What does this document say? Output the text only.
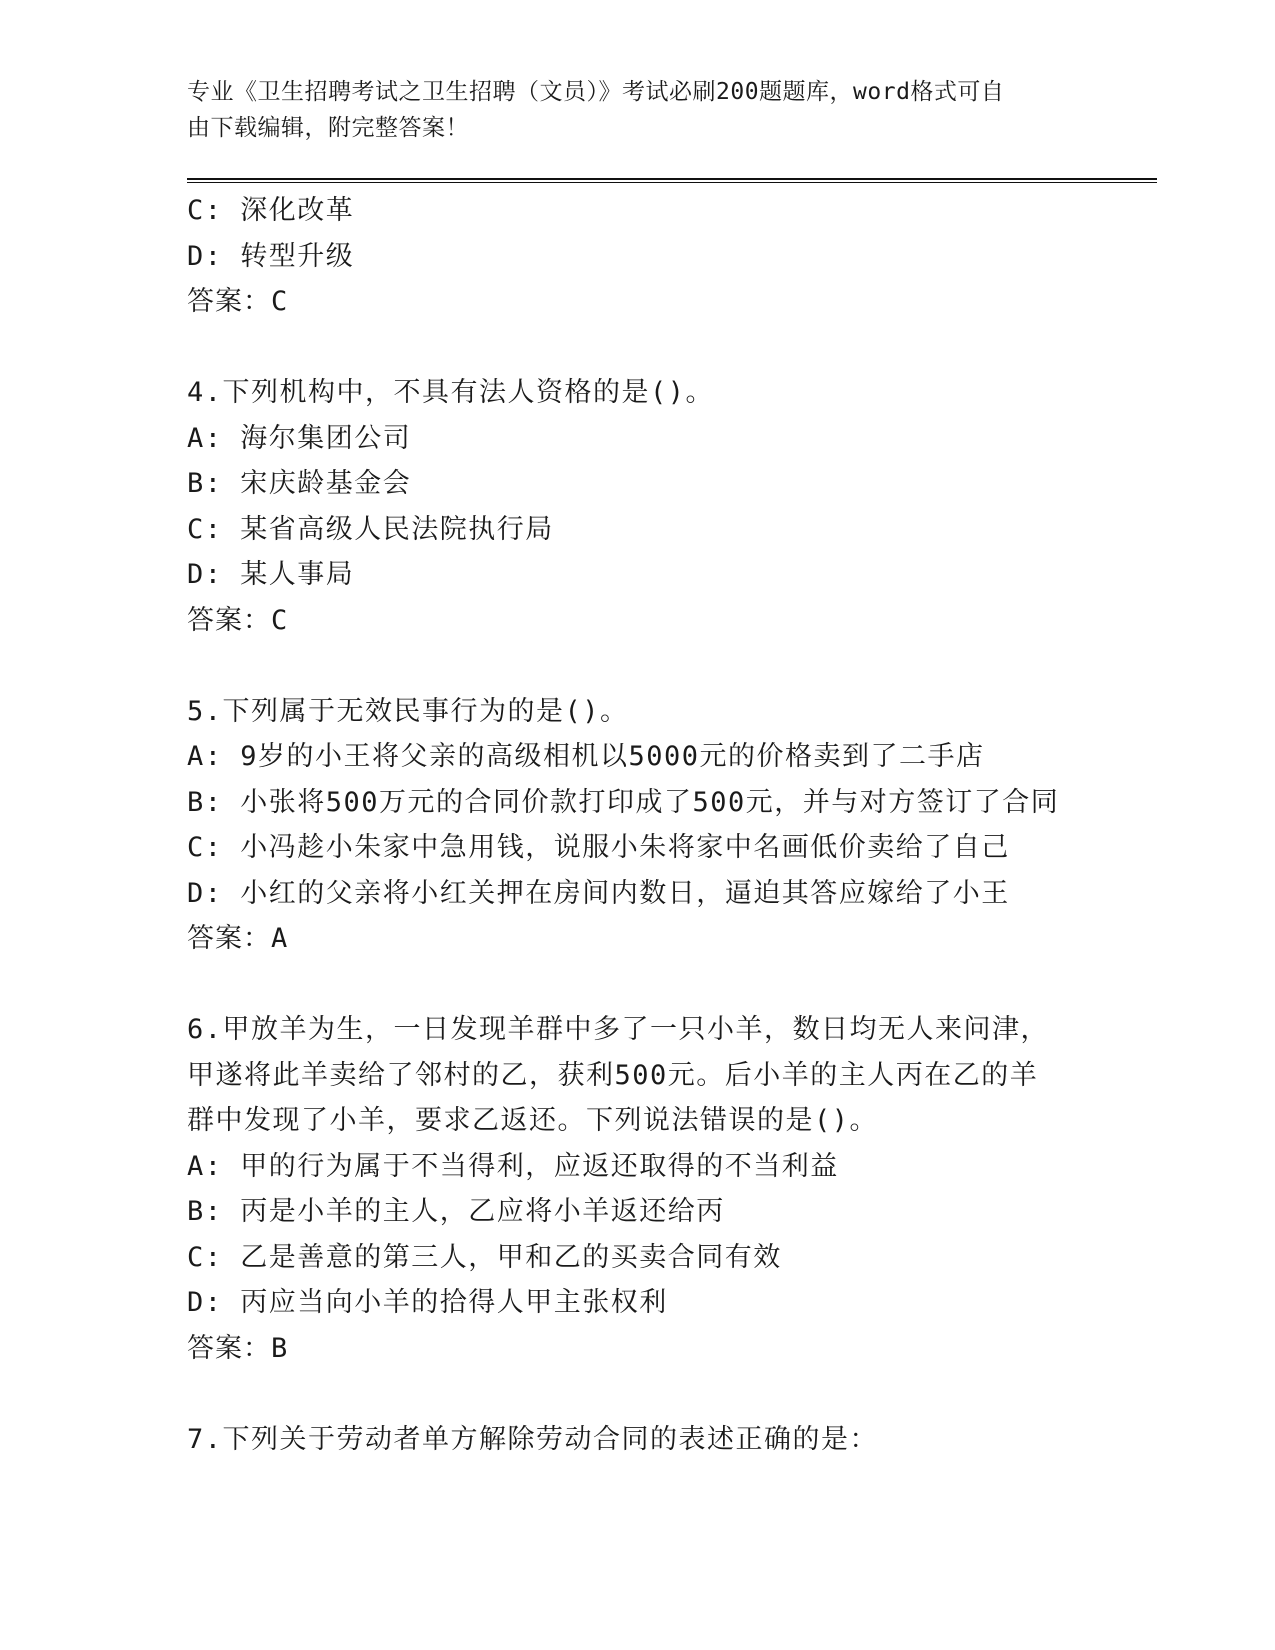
专业《卫生招聘考试之卫生招聘（文员）》考试必刷200题题库，word格式可自
由下载编辑，附完整答案！

C: 深化改革

D: 转型升级

答案：C

4.下列机构中，不具有法人资格的是()。

A: 海尔集团公司

B: 宋庆龄基金会

C: 某省高级人民法院执行局

D: 某人事局

答案：C

5.下列属于无效民事行为的是()。

A: 9岁的小王将父亲的高级相机以5000元的价格卖到了二手店

B: 小张将500万元的合同价款打印成了500元，并与对方签订了合同

C: 小冯趁小朱家中急用钱，说服小朱将家中名画低价卖给了自己

D: 小红的父亲将小红关押在房间内数日，逼迫其答应嫁给了小王

答案：A

6.甲放羊为生，一日发现羊群中多了一只小羊，数日均无人来问津，

甲遂将此羊卖给了邻村的乙，获利500元。后小羊的主人丙在乙的羊

群中发现了小羊，要求乙返还。下列说法错误的是()。

A: 甲的行为属于不当得利，应返还取得的不当利益

B: 丙是小羊的主人，乙应将小羊返还给丙

C: 乙是善意的第三人，甲和乙的买卖合同有效

D: 丙应当向小羊的拾得人甲主张权利

答案：B

7.下列关于劳动者单方解除劳动合同的表述正确的是：
